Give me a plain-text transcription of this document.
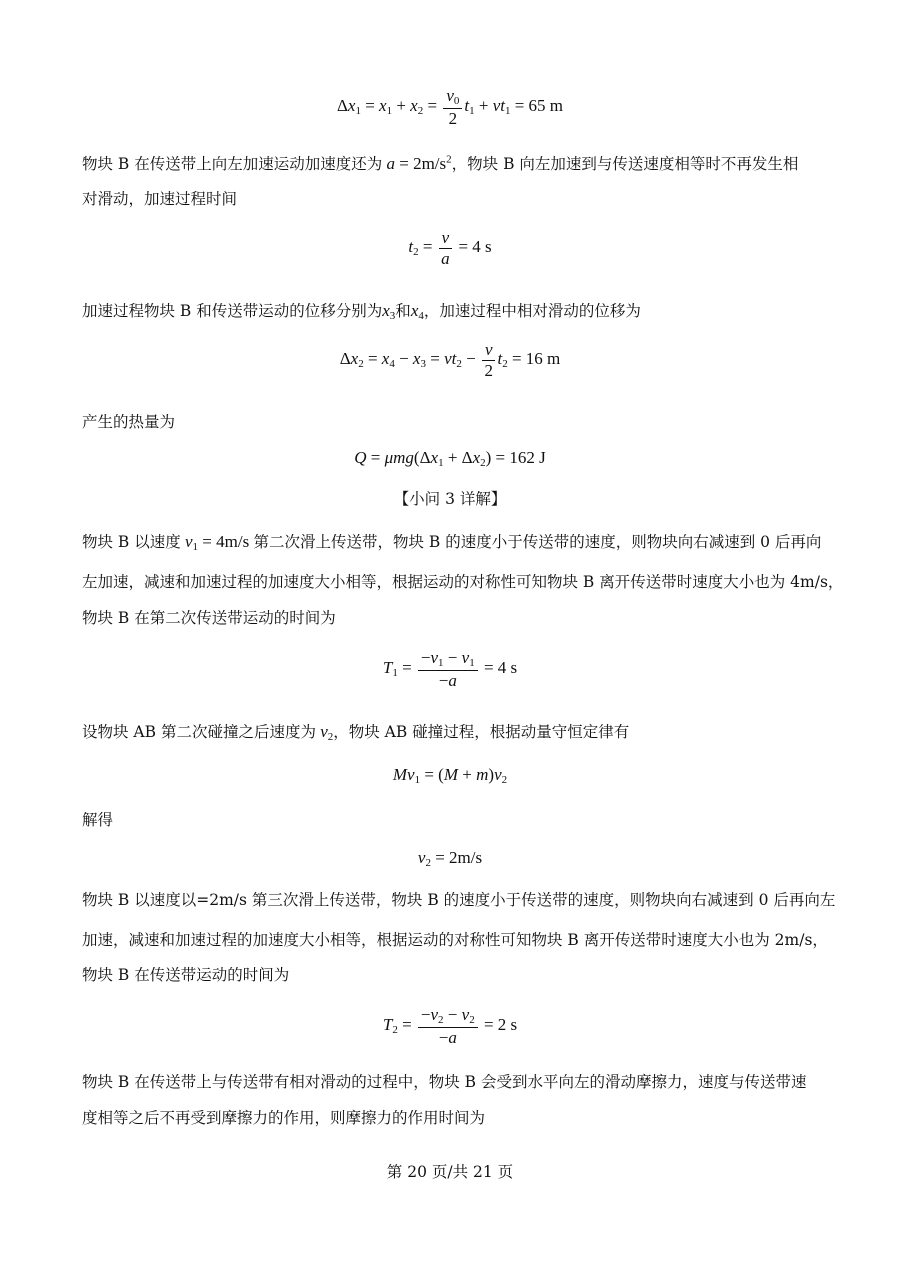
$\Delta x_1 = x_1 + x_2 = \frac{v_0}{2} t_1 + vt_1 = 65$ m
物块 B 在传送带上向左加速运动加速度还为 $a = 2m/s^2$，物块 B 向左加速到与传送速度相等时不再发生相
对滑动，加速过程时间
$t_2 = \frac{v}{a} = 4$ s
加速过程物块 B 和传送带运动的位移分别为$x_3$和$x_4$，加速过程中相对滑动的位移为
$\Delta x_2 = x_4 - x_3 = vt_2 - \frac{v}{2} t_2 = 16$ m
产生的热量为
$Q = \mu mg(\Delta x_1 + \Delta x_2) = 162$ J
【小问 3 详解】
物块 B 以速度 $v_1 = 4m/s$ 第二次滑上传送带，物块 B 的速度小于传送带的速度，则物块向右减速到 0 后再向
左加速，减速和加速过程的加速度大小相等，根据运动的对称性可知物块 B 离开传送带时速度大小也为 4m/s，
物块 B 在第二次传送带运动的时间为
$T_1 = \frac{-v_1 - v_1}{-a} = 4$ s
设物块 AB 第二次碰撞之后速度为 $v_2$，物块 AB 碰撞过程，根据动量守恒定律有
$Mv_1 = (M + m)v_2$
解得
$v_2 = 2m/s$
物块 B 以速度以=2m/s 第三次滑上传送带，物块 B 的速度小于传送带的速度，则物块向右减速到 0 后再向左
加速，减速和加速过程的加速度大小相等，根据运动的对称性可知物块 B 离开传送带时速度大小也为 2m/s，
物块 B 在传送带运动的时间为
$T_2 = \frac{-v_2 - v_2}{-a} = 2$ s
物块 B 在传送带上与传送带有相对滑动的过程中，物块 B 会受到水平向左的滑动摩擦力，速度与传送带速
度相等之后不再受到摩擦力的作用，则摩擦力的作用时间为
第 20 页/共 21 页
